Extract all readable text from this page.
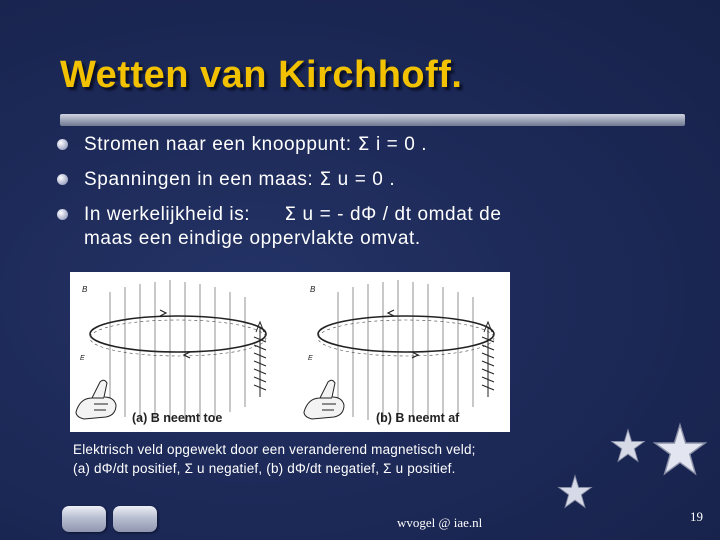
Wetten van Kirchhoff.
Stromen naar een knooppunt: Σ i = 0 .
Spanningen in een maas: Σ u = 0 .
In werkelijkheid is: Σ u = - dΦ / dt omdat de
maas een eindige oppervlakte omvat.
B
E
(a) B neemt toe
B
E
(b) B neemt af
Elektrisch veld opgewekt door een veranderend magnetisch veld;
(a) dΦ/dt positief, Σ u negatief, (b) dΦ/dt negatief, Σ u positief.
wvogel @ iae.nl	19
